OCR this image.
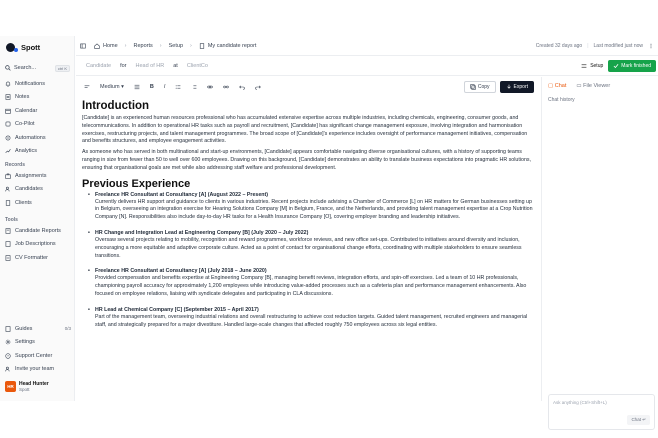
Spott
Search...	ctrl K
Notifications
Notes
Calendar
Co-Pilot
Automations
Analytics
Records
Assignments
Candidates
Clients
Tools
Candidate Reports
Job Descriptions
CV Formatter
Guides	0/3
Settings
? Support Center
Invite your team
HR	Head Hunter
Spott
Home › Reports › Setup ›	My candidate report	Created 32 days ago | Last modified just now
Candidate for Head of HR at ClientCo	Setup	Mark finished
Medium ▾	B I	Copy	Export
Introduction
[Candidate] is an experienced human resources professional who has accumulated extensive expertise across multiple industries, including chemicals, engineering, consumer goods, and telecommunications. In addition to operational HR tasks such as payroll and recruitment, [Candidate] has significant change management exposure, involving integration and harmonisation exercises, restructuring projects, and talent management programmes. The broad scope of [Candidate]'s experience includes oversight of performance management initiatives, compensation and benefits structures, and employee engagement activities.
As someone who has served in both multinational and start-up environments, [Candidate] appears comfortable navigating diverse organisational cultures, with a history of supporting teams ranging in size from fewer than 50 to well over 600 employees. Drawing on this background, [Candidate] demonstrates an ability to translate business expectations into pragmatic HR solutions, ensuring that organisational goals are met while also addressing staff welfare and professional development.
Previous Experience
• Freelance HR Consultant at Consultancy [A] (August 2022 – Present)
Currently delivers HR support and guidance to clients in various industries. Recent projects include advising a Chamber of Commerce [L] on HR matters for German businesses setting up in Belgium, overseeing an integration exercise for Hearing Solutions Company [M] in Belgium, France, and the Netherlands, and providing talent management expertise at a Crop Nutrition Company [N]. Responsibilities also include day-to-day HR tasks for a Health Insurance Company [O], covering employer branding and leadership initiatives.
• HR Change and Integration Lead at Engineering Company [B] (July 2020 – July 2022)
Oversaw several projects relating to mobility, recognition and reward programmes, workforce reviews, and new office set-ups. Contributed to initiatives around diversity and inclusion, encouraging a more equitable and adaptive corporate culture. Acted as a point of contact for organisational change efforts, coordinating with multiple stakeholders to ensure seamless transitions.
• Freelance HR Consultant at Consultancy [A] (July 2018 – June 2020)
Provided compensation and benefits expertise at Engineering Company [B], managing benefit reviews, integration efforts, and spin-off exercises. Led a team of 10 HR professionals, championing payroll accuracy for approximately 1,200 employees while introducing value-added processes such as a cafeteria plan and performance management enhancements. Also focused on employee relations, liaising with syndicate delegates and participating in CLA discussions.
• HR Lead at Chemical Company [C] (September 2015 – April 2017)
Part of the management team, overseeing industrial relations and overall restructuring to achieve cost reduction targets. Guided talent management, recruited engineers and managerial staff, and strategically prepared for a major divestiture. Handled large-scale changes that affected roughly 750 employees across six legal entities.
▢ Chat ▭ File Viewer
Chat history
Ask anything (Ctrl+Shift+L)
Chat ↵
